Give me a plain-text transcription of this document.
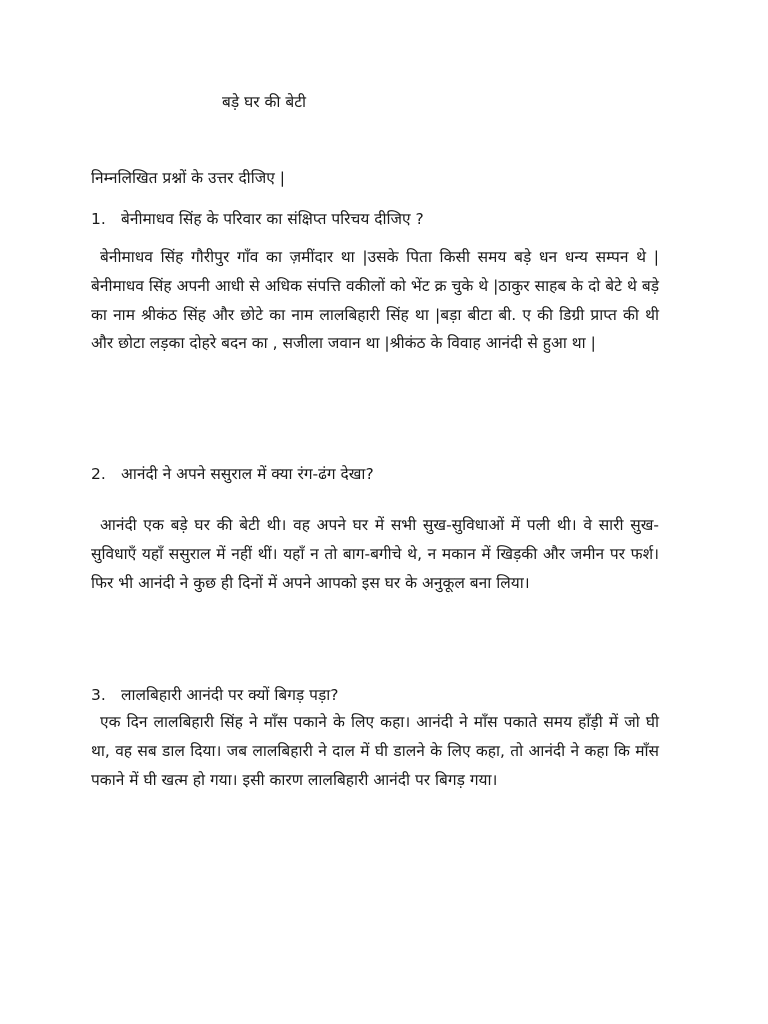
बड़े घर की बेटी
निम्नलिखित प्रश्नों के उत्तर दीजिए |
1. बेनीमाधव सिंह के परिवार का संक्षिप्त परिचय दीजिए ?
बेनीमाधव सिंह गौरीपुर गाँव का ज़मींदार था |उसके पिता किसी समय बड़े धन धन्य सम्पन थे |बेनीमाधव सिंह अपनी आधी से अधिक संपत्ति वकीलों को भेंट क्र चुके थे |ठाकुर साहब के दो बेटे थे बड़े का नाम श्रीकंठ सिंह और छोटे का नाम लालबिहारी सिंह था |बड़ा बीटा बी. ए की डिग्री प्राप्त की थी और छोटा लड़का दोहरे बदन का , सजीला जवान था |श्रीकंठ के विवाह आनंदी से हुआ था |
2. आनंदी ने अपने ससुराल में क्या रंग-ढंग देखा?
आनंदी एक बड़े घर की बेटी थी। वह अपने घर में सभी सुख-सुविधाओं में पली थी। वे सारी सुख-सुविधाएँ यहाँ ससुराल में नहीं थीं। यहाँ न तो बाग-बगीचे थे, न मकान में खिड़की और जमीन पर फर्श। फिर भी आनंदी ने कुछ ही दिनों में अपने आपको इस घर के अनुकूल बना लिया।
3. लालबिहारी आनंदी पर क्यों बिगड़ पड़ा?
एक दिन लालबिहारी सिंह ने माँस पकाने के लिए कहा। आनंदी ने माँस पकाते समय हाँड़ी में जो घी था, वह सब डाल दिया। जब लालबिहारी ने दाल में घी डालने के लिए कहा, तो आनंदी ने कहा कि माँस पकाने में घी खत्म हो गया। इसी कारण लालबिहारी आनंदी पर बिगड़ गया।
